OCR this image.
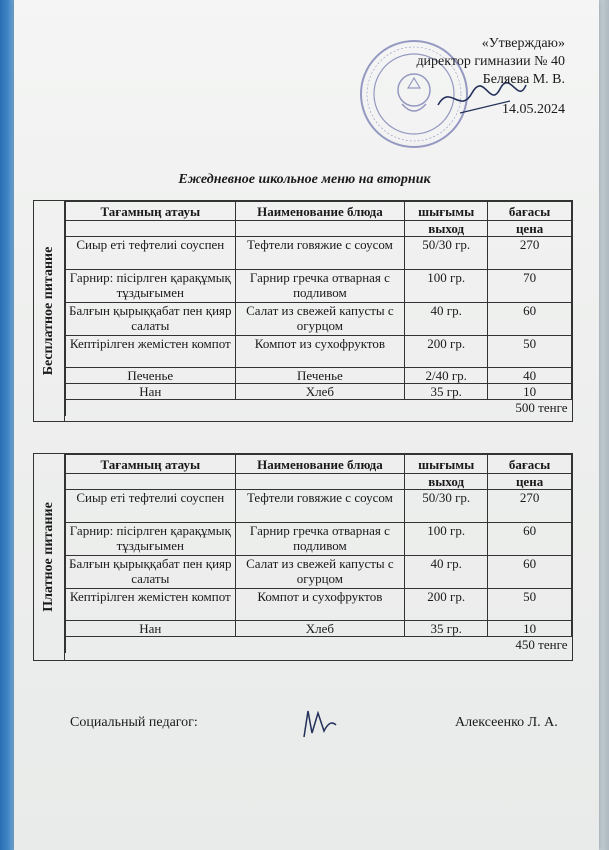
«Утверждаю»
директор гимназии № 40
Беляева М. В.
14.05.2024
Ежедневное школьное меню на вторник
Бесплатное питание
Тағамның атауы	Наименование блюда	шығымы	бағасы
		выход	цена
Сиыр еті тефтелиі соуспен	Тефтели говяжие с соусом	50/30 гр.	270
Гарнир: пісірлген қарақұмық тұздығымен	Гарнир гречка отварная с подливом	100 гр.	70
Балғын қырыққабат пен қияр салаты	Салат из свежей капусты с огурцом	40 гр.	60
Кептірілген жемістен компот	Компот из сухофруктов	200 гр.	50
Печенье	Печенье	2/40 гр.	40
Нан	Хлеб	35 гр.	10
500 тенге			
Платное питание
Тағамның атауы	Наименование блюда	шығымы	бағасы
		выход	цена
Сиыр еті тефтелиі соуспен	Тефтели говяжие с соусом	50/30 гр.	270
Гарнир: пісірлген қарақұмық тұздығымен	Гарнир гречка отварная с подливом	100 гр.	60
Балғын қырыққабат пен қияр салаты	Салат из свежей капусты с огурцом	40 гр.	60
Кептірілген жемістен компот	Компот и сухофруктов	200 гр.	50
Нан	Хлеб	35 гр.	10
450 тенге			
Социальный педагог:	Алексеенко Л. А.
